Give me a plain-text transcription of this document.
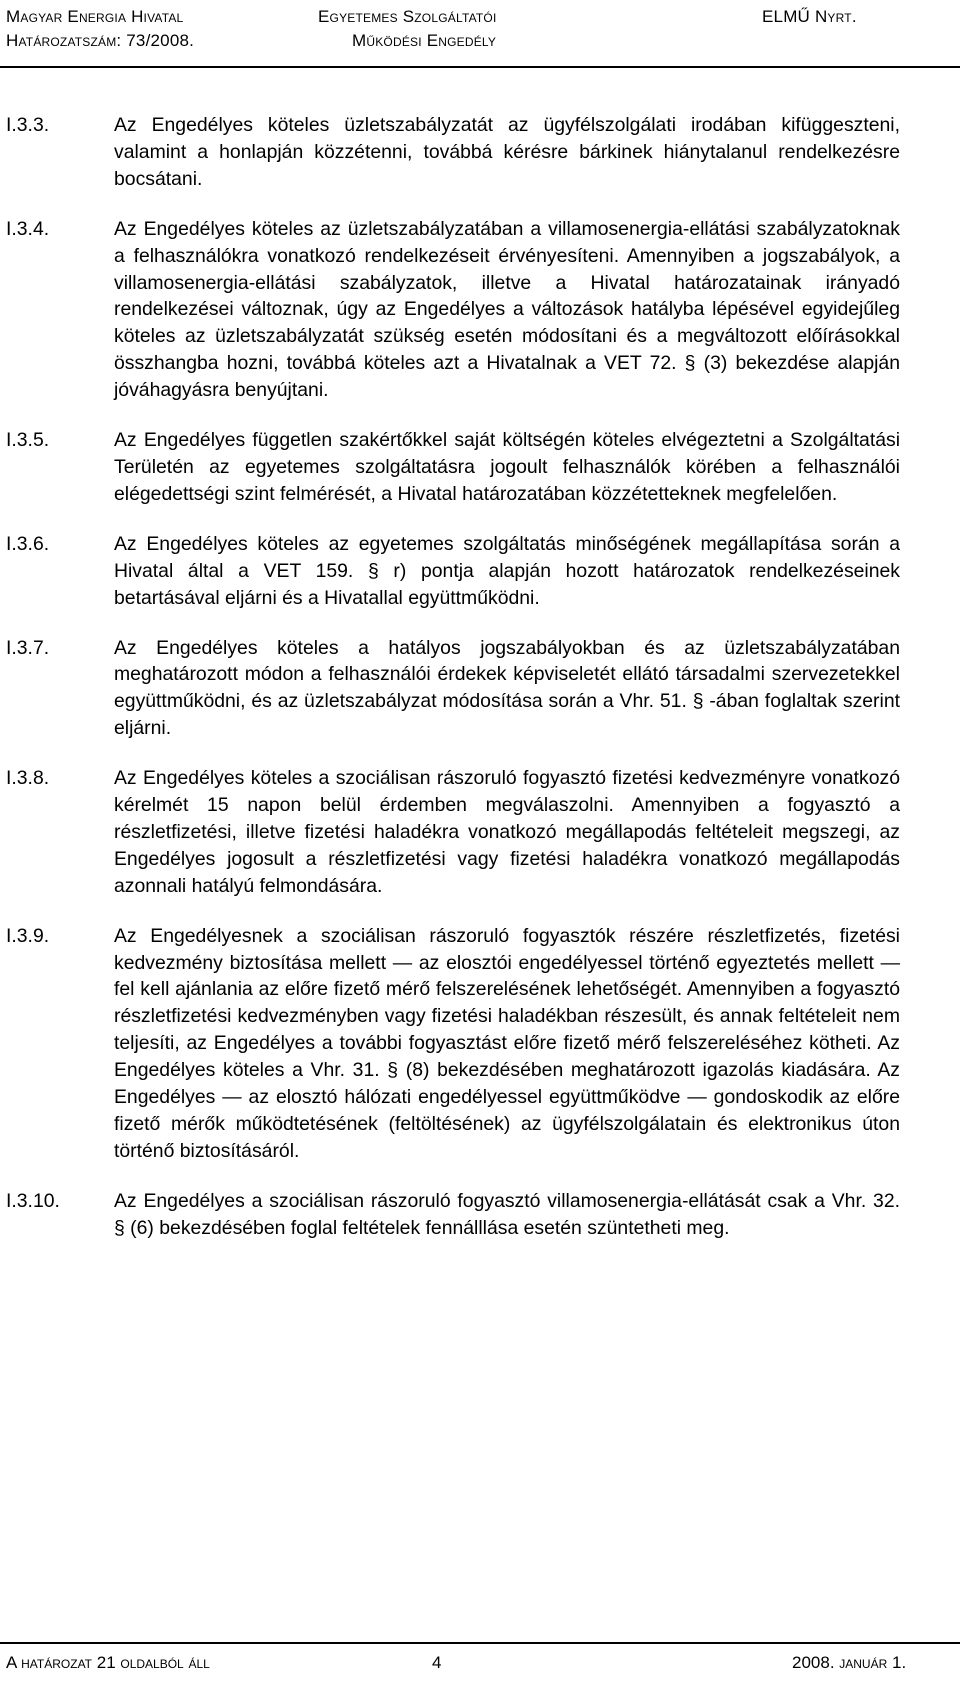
Magyar Energia Hivatal
Határozatszám: 73/2008.
Egyetemes Szolgáltatói
Működési Engedély
ELMŰ Nyrt.
I.3.3.	Az Engedélyes köteles üzletszabályzatát az ügyfélszolgálati irodában kifüggeszteni, valamint a honlapján közzétenni, továbbá kérésre bárkinek hiánytalanul rendelkezésre bocsátani.
I.3.4.	Az Engedélyes köteles az üzletszabályzatában a villamosenergia-ellátási szabályzatoknak a felhasználókra vonatkozó rendelkezéseit érvényesíteni. Amennyiben a jogszabályok, a villamosenergia-ellátási szabályzatok, illetve a Hivatal határozatainak irányadó rendelkezései változnak, úgy az Engedélyes a változások hatályba lépésével egyidejűleg köteles az üzletszabályzatát szükség esetén módosítani és a megváltozott előírásokkal összhangba hozni, továbbá köteles azt a Hivatalnak a VET 72. § (3) bekezdése alapján jóváhagyásra benyújtani.
I.3.5.	Az Engedélyes független szakértőkkel saját költségén köteles elvégeztetni a Szolgáltatási Területén az egyetemes szolgáltatásra jogoult felhasználók körében a felhasználói elégedettségi szint felmérését, a Hivatal határozatában közzétetteknek megfelelően.
I.3.6.	Az Engedélyes köteles az egyetemes szolgáltatás minőségének megállapítása során a Hivatal által a VET 159. § r) pontja alapján hozott határozatok rendelkezéseinek betartásával eljárni és a Hivatallal együttműködni.
I.3.7.	Az Engedélyes köteles a hatályos jogszabályokban és az üzletszabályzatában meghatározott módon a felhasználói érdekek képviseletét ellátó társadalmi szervezetekkel együttműködni, és az üzletszabályzat módosítása során a Vhr. 51. § -ában foglaltak szerint eljárni.
I.3.8.	Az Engedélyes köteles a szociálisan rászoruló fogyasztó fizetési kedvezményre vonatkozó kérelmét 15 napon belül érdemben megválaszolni. Amennyiben a fogyasztó a részletfizetési, illetve fizetési haladékra vonatkozó megállapodás feltételeit megszegi, az Engedélyes jogosult a részletfizetési vagy fizetési haladékra vonatkozó megállapodás azonnali hatályú felmondására.
I.3.9.	Az Engedélyesnek a szociálisan rászoruló fogyasztók részére részletfizetés, fizetési kedvezmény biztosítása mellett — az elosztói engedélyessel történő egyeztetés mellett — fel kell ajánlania az előre fizető mérő felszerelésének lehetőségét. Amennyiben a fogyasztó részletfizetési kedvezményben vagy fizetési haladékban részesült, és annak feltételeit nem teljesíti, az Engedélyes a további fogyasztást előre fizető mérő felszereléséhez kötheti. Az Engedélyes köteles a Vhr. 31. § (8) bekezdésében meghatározott igazolás kiadására. Az Engedélyes — az elosztó hálózati engedélyessel együttműködve — gondoskodik az előre fizető mérők működtetésének (feltöltésének) az ügyfélszolgálatain és elektronikus úton történő biztosításáról.
I.3.10.	Az Engedélyes a szociálisan rászoruló fogyasztó villamosenergia-ellátását csak a Vhr. 32. § (6) bekezdésében foglal feltételek fennálllása esetén szüntetheti meg.
A határozat 21 oldalból áll	4	2008. január 1.
